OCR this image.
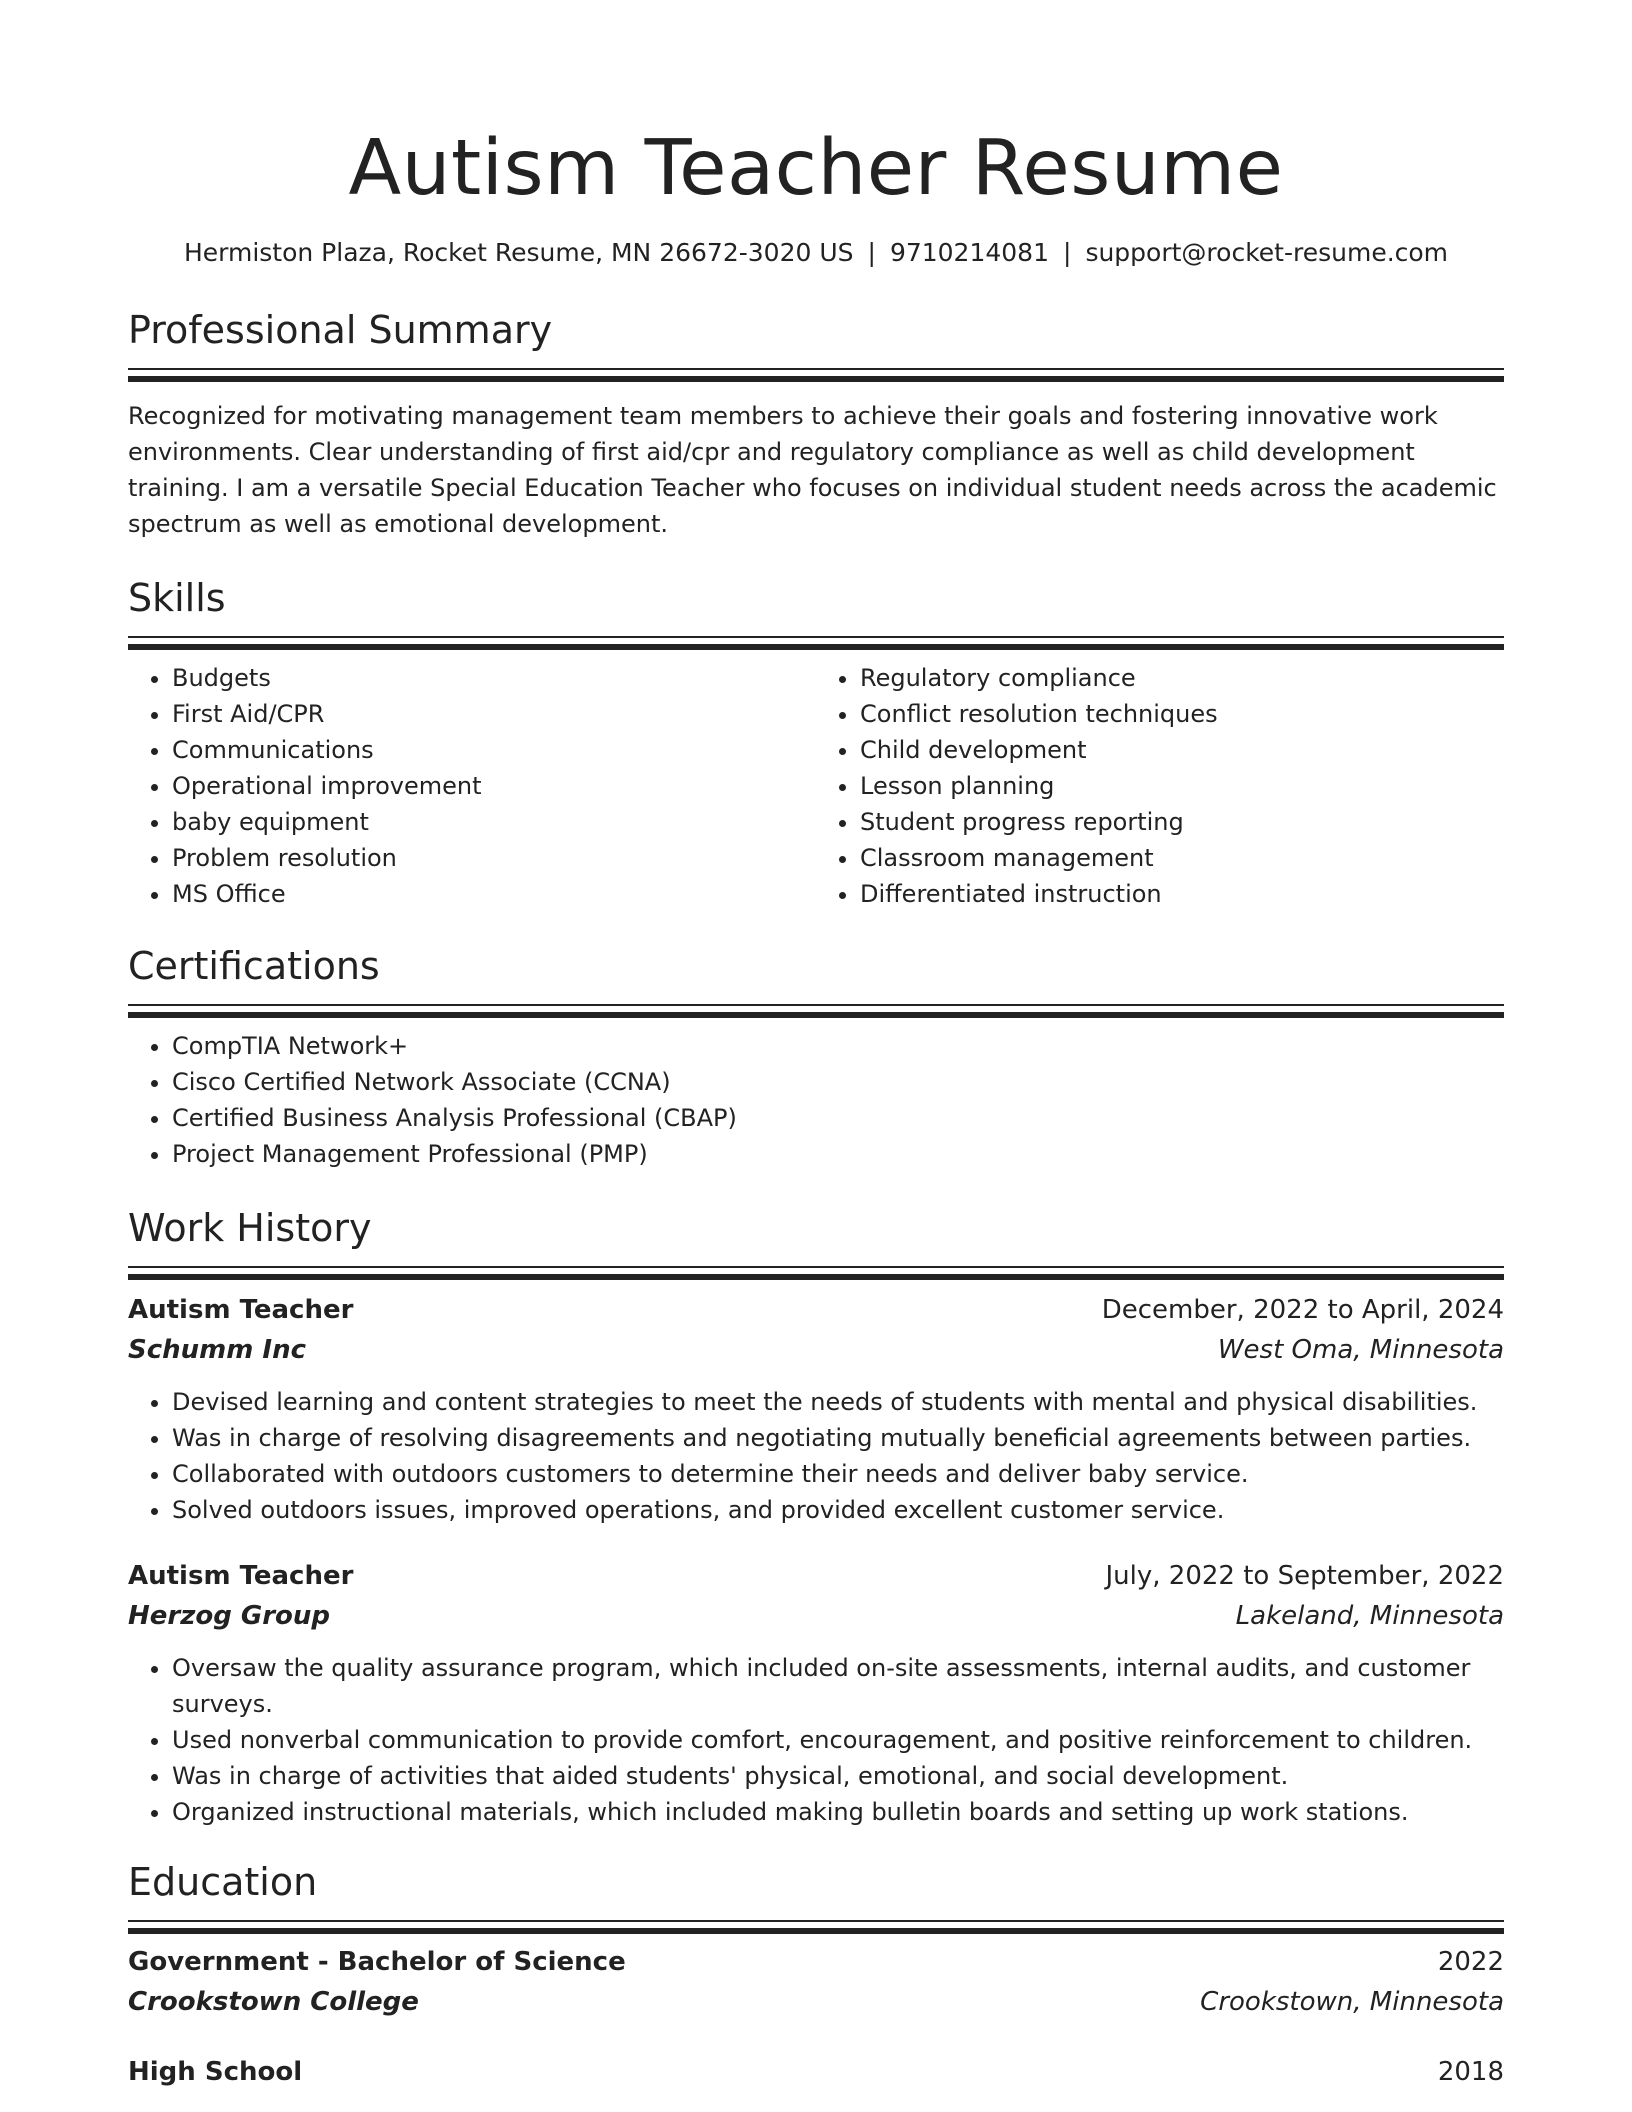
Autism Teacher Resume
Hermiston Plaza, Rocket Resume, MN 26672-3020 US | 9710214081 | support@rocket-resume.com
Professional Summary

Recognized for motivating management team members to achieve their goals and fostering innovative work environments. Clear understanding of first aid/cpr and regulatory compliance as well as child development training. I am a versatile Special Education Teacher who focuses on individual student needs across the academic spectrum as well as emotional development.

Skills
• Budgets
• First Aid/CPR
• Communications
• Operational improvement
• baby equipment
• Problem resolution
• MS Office
• Regulatory compliance
• Conflict resolution techniques
• Child development
• Lesson planning
• Student progress reporting
• Classroom management
• Differentiated instruction
Certifications
• CompTIA Network+
• Cisco Certified Network Associate (CCNA)
• Certified Business Analysis Professional (CBAP)
• Project Management Professional (PMP)
Work History
Autism Teacher	December, 2022 to April, 2024
Schumm Inc	West Oma, Minnesota
• Devised learning and content strategies to meet the needs of students with mental and physical disabilities.
• Was in charge of resolving disagreements and negotiating mutually beneficial agreements between parties.
• Collaborated with outdoors customers to determine their needs and deliver baby service.
• Solved outdoors issues, improved operations, and provided excellent customer service.
Autism Teacher	July, 2022 to September, 2022
Herzog Group	Lakeland, Minnesota
• Oversaw the quality assurance program, which included on-site assessments, internal audits, and customer surveys.
• Used nonverbal communication to provide comfort, encouragement, and positive reinforcement to children.
• Was in charge of activities that aided students' physical, emotional, and social development.
• Organized instructional materials, which included making bulletin boards and setting up work stations.
Education
Government - Bachelor of Science	2022
Crookstown College	Crookstown, Minnesota
High School	2018
